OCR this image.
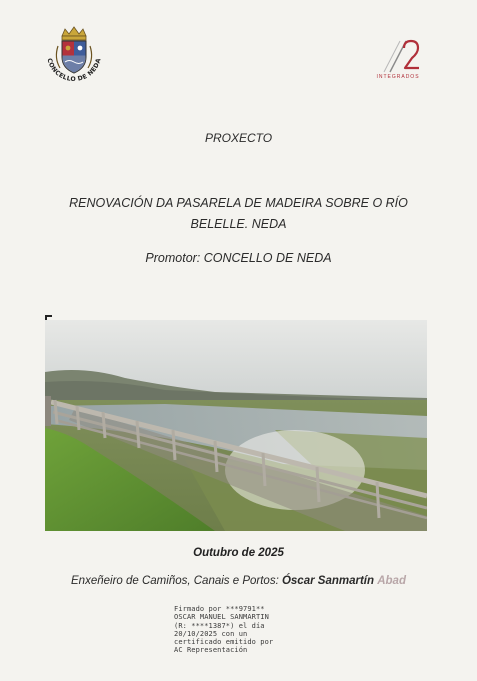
CONCELLO DE NEDA
INTEGRADOS
PROXECTO
RENOVACIÓN DA PASARELA DE MADEIRA SOBRE O RÍO
BELELLE. NEDA
Promotor: CONCELLO DE NEDA
Outubro de 2025
Enxeñeiro de Camiños, Canais e Portos: Óscar Sanmartín Abad
Firmado por ***9791**
OSCAR MANUEL SANMARTIN
(R: ****1387*) el día
20/10/2025 con un
certificado emitido por
AC Representación
